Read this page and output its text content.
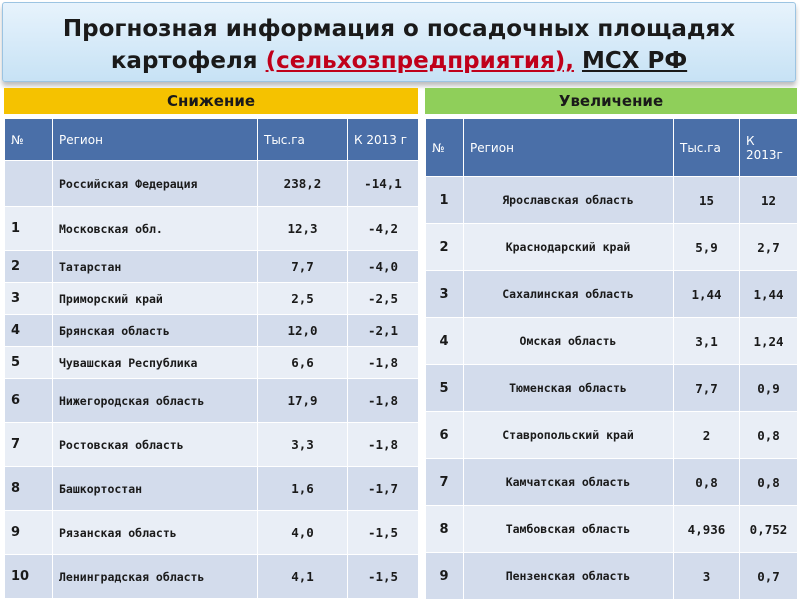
Прогнозная информация о посадочных площадях
картофеля (сельхозпредприятия), МСХ РФ
Снижение	Увеличение
№	Регион	Тыс.га	К 2013 г
	Российская Федерация	238,2	-14,1
1	Московская обл.	12,3	-4,2
2	Татарстан	7,7	-4,0
3	Приморский край	2,5	-2,5
4	Брянская область	12,0	-2,1
5	Чувашская Республика	6,6	-1,8
6	Нижегородская область	17,9	-1,8
7	Ростовская область	3,3	-1,8
8	Башкортостан	1,6	-1,7
9	Рязанская область	4,0	-1,5
10	Ленинградская область	4,1	-1,5
№	Регион	Тыс.га	К 2013г
1	Ярославская область	15	12
2	Краснодарский край	5,9	2,7
3	Сахалинская область	1,44	1,44
4	Омская область	3,1	1,24
5	Тюменская область	7,7	0,9
6	Ставропольский край	2	0,8
7	Камчатская область	0,8	0,8
8	Тамбовская область	4,936	0,752
9	Пензенская область	3	0,7
